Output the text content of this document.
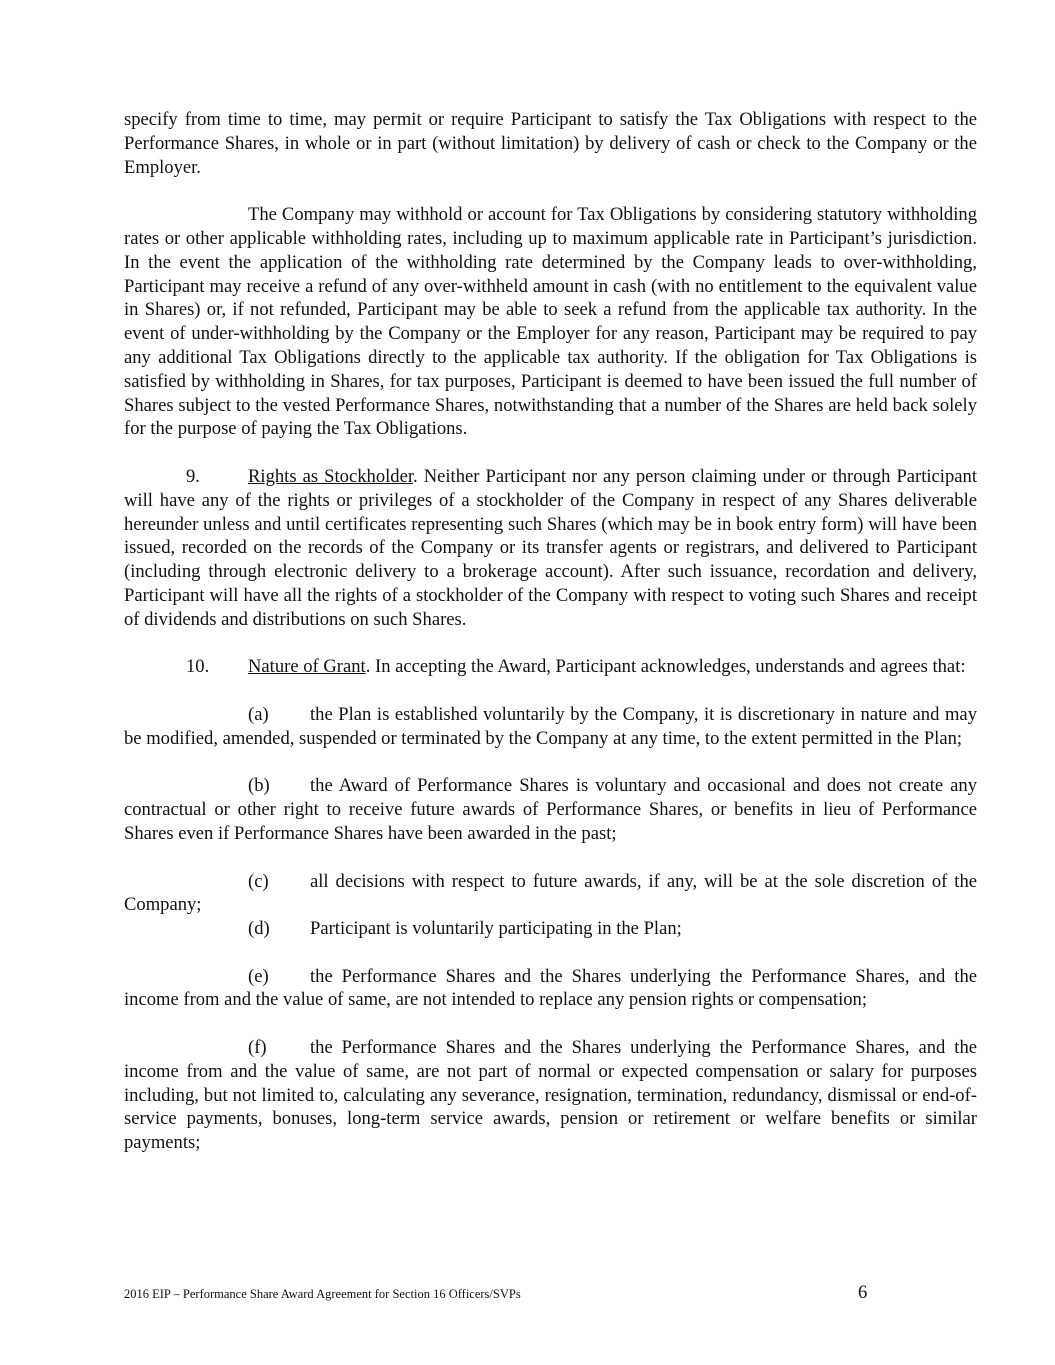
specify from time to time, may permit or require Participant to satisfy the Tax Obligations with respect to the Performance Shares, in whole or in part (without limitation) by delivery of cash or check to the Company or the Employer.

The Company may withhold or account for Tax Obligations by considering statutory withholding rates or other applicable withholding rates, including up to maximum applicable rate in Participant’s jurisdiction. In the event the application of the withholding rate determined by the Company leads to over-withholding, Participant may receive a refund of any over-withheld amount in cash (with no entitlement to the equivalent value in Shares) or, if not refunded, Participant may be able to seek a refund from the applicable tax authority. In the event of under-withholding by the Company or the Employer for any reason, Participant may be required to pay any additional Tax Obligations directly to the applicable tax authority. If the obligation for Tax Obligations is satisfied by withholding in Shares, for tax purposes, Participant is deemed to have been issued the full number of Shares subject to the vested Performance Shares, notwithstanding that a number of the Shares are held back solely for the purpose of paying the Tax Obligations.

9.	Rights as Stockholder. Neither Participant nor any person claiming under or through Participant will have any of the rights or privileges of a stockholder of the Company in respect of any Shares deliverable hereunder unless and until certificates representing such Shares (which may be in book entry form) will have been issued, recorded on the records of the Company or its transfer agents or registrars, and delivered to Participant (including through electronic delivery to a brokerage account). After such issuance, recordation and delivery, Participant will have all the rights of a stockholder of the Company with respect to voting such Shares and receipt of dividends and distributions on such Shares.

10. Nature of Grant. In accepting the Award, Participant acknowledges, understands and agrees that:

(a) the Plan is established voluntarily by the Company, it is discretionary in nature and may be modified, amended, suspended or terminated by the Company at any time, to the extent permitted in the Plan;

(b) the Award of Performance Shares is voluntary and occasional and does not create any contractual or other right to receive future awards of Performance Shares, or benefits in lieu of Performance Shares even if Performance Shares have been awarded in the past;

(c) all decisions with respect to future awards, if any, will be at the sole discretion of the Company;

(d) Participant is voluntarily participating in the Plan;

(e) the Performance Shares and the Shares underlying the Performance Shares, and the income from and the value of same, are not intended to replace any pension rights or compensation;

(f) the Performance Shares and the Shares underlying the Performance Shares, and the income from and the value of same, are not part of normal or expected compensation or salary for purposes including, but not limited to, calculating any severance, resignation, termination, redundancy, dismissal or end-of-service payments, bonuses, long-term service awards, pension or retirement or welfare benefits or similar payments;

2016 EIP – Performance Share Award Agreement for Section 16 Officers/SVPs	6
